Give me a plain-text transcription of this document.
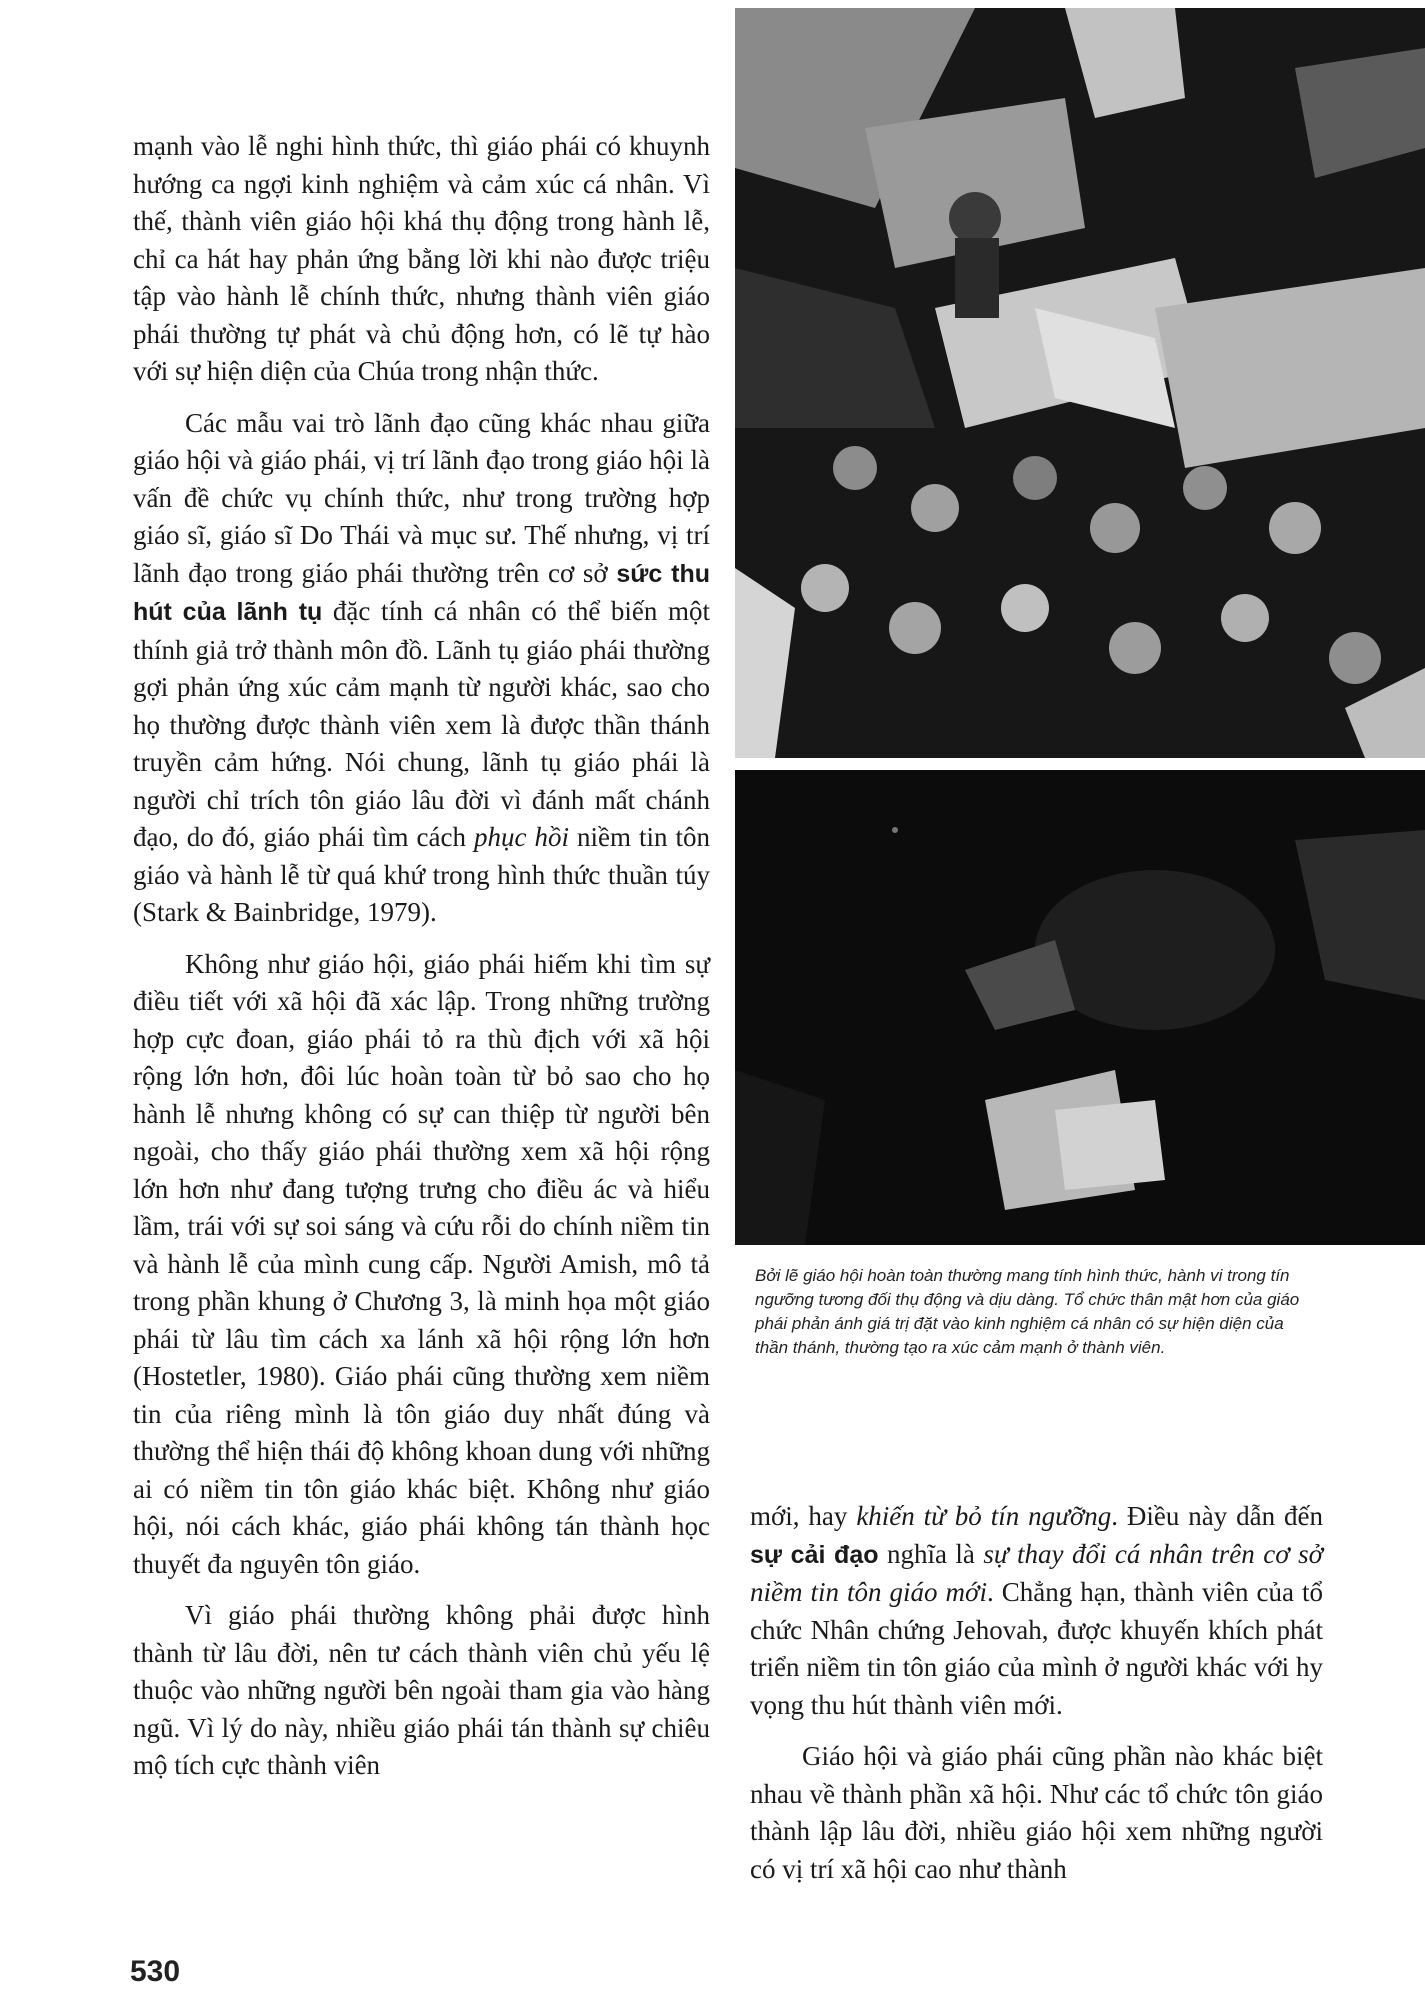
mạnh vào lễ nghi hình thức, thì giáo phái có khuynh hướng ca ngợi kinh nghiệm và cảm xúc cá nhân. Vì thế, thành viên giáo hội khá thụ động trong hành lễ, chỉ ca hát hay phản ứng bằng lời khi nào được triệu tập vào hành lễ chính thức, nhưng thành viên giáo phái thường tự phát và chủ động hơn, có lẽ tự hào với sự hiện diện của Chúa trong nhận thức.

Các mẫu vai trò lãnh đạo cũng khác nhau giữa giáo hội và giáo phái, vị trí lãnh đạo trong giáo hội là vấn đề chức vụ chính thức, như trong trường hợp giáo sĩ, giáo sĩ Do Thái và mục sư. Thế nhưng, vị trí lãnh đạo trong giáo phái thường trên cơ sở sức thu hút của lãnh tụ đặc tính cá nhân có thể biến một thính giả trở thành môn đồ. Lãnh tụ giáo phái thường gợi phản ứng xúc cảm mạnh từ người khác, sao cho họ thường được thành viên xem là được thần thánh truyền cảm hứng. Nói chung, lãnh tụ giáo phái là người chỉ trích tôn giáo lâu đời vì đánh mất chánh đạo, do đó, giáo phái tìm cách phục hồi niềm tin tôn giáo và hành lễ từ quá khứ trong hình thức thuần túy (Stark & Bainbridge, 1979).

Không như giáo hội, giáo phái hiếm khi tìm sự điều tiết với xã hội đã xác lập. Trong những trường hợp cực đoan, giáo phái tỏ ra thù địch với xã hội rộng lớn hơn, đôi lúc hoàn toàn từ bỏ sao cho họ hành lễ nhưng không có sự can thiệp từ người bên ngoài, cho thấy giáo phái thường xem xã hội rộng lớn hơn như đang tượng trưng cho điều ác và hiểu lầm, trái với sự soi sáng và cứu rỗi do chính niềm tin và hành lễ của mình cung cấp. Người Amish, mô tả trong phần khung ở Chương 3, là minh họa một giáo phái từ lâu tìm cách xa lánh xã hội rộng lớn hơn (Hostetler, 1980). Giáo phái cũng thường xem niềm tin của riêng mình là tôn giáo duy nhất đúng và thường thể hiện thái độ không khoan dung với những ai có niềm tin tôn giáo khác biệt. Không như giáo hội, nói cách khác, giáo phái không tán thành học thuyết đa nguyên tôn giáo.

Vì giáo phái thường không phải được hình thành từ lâu đời, nên tư cách thành viên chủ yếu lệ thuộc vào những người bên ngoài tham gia vào hàng ngũ. Vì lý do này, nhiều giáo phái tán thành sự chiêu mộ tích cực thành viên

Bởi lẽ giáo hội hoàn toàn thường mang tính hình thức, hành vi trong tín ngưỡng tương đối thụ động và dịu dàng. Tổ chức thân mật hơn của giáo phái phản ánh giá trị đặt vào kinh nghiệm cá nhân có sự hiện diện của thần thánh, thường tạo ra xúc cảm mạnh ở thành viên.

mới, hay khiến từ bỏ tín ngưỡng. Điều này dẫn đến sự cải đạo nghĩa là sự thay đổi cá nhân trên cơ sở niềm tin tôn giáo mới. Chẳng hạn, thành viên của tổ chức Nhân chứng Jehovah, được khuyến khích phát triển niềm tin tôn giáo của mình ở người khác với hy vọng thu hút thành viên mới.

Giáo hội và giáo phái cũng phần nào khác biệt nhau về thành phần xã hội. Như các tổ chức tôn giáo thành lập lâu đời, nhiều giáo hội xem những người có vị trí xã hội cao như thành

530
